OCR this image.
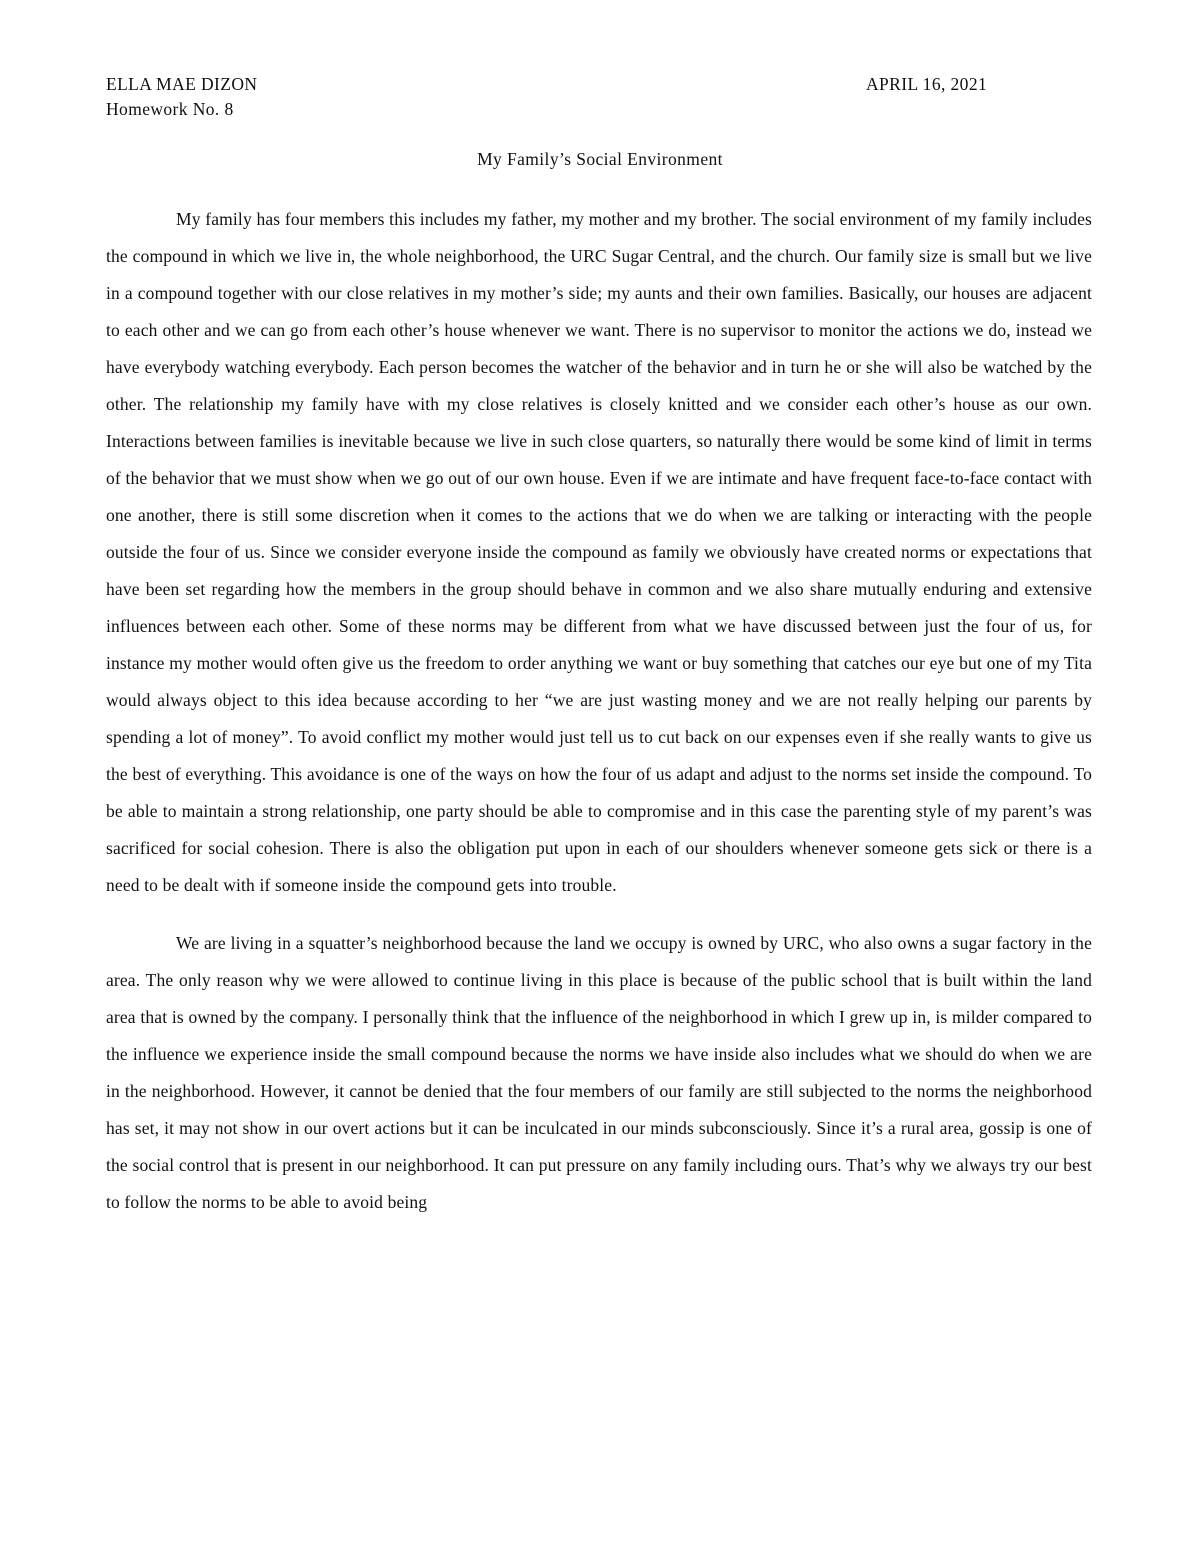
ELLA MAE DIZON
Homework No. 8
APRIL 16, 2021
My Family’s Social Environment

My family has four members this includes my father, my mother and my brother. The social environment of my family includes the compound in which we live in, the whole neighborhood, the URC Sugar Central, and the church. Our family size is small but we live in a compound together with our close relatives in my mother’s side; my aunts and their own families. Basically, our houses are adjacent to each other and we can go from each other’s house whenever we want. There is no supervisor to monitor the actions we do, instead we have everybody watching everybody. Each person becomes the watcher of the behavior and in turn he or she will also be watched by the other. The relationship my family have with my close relatives is closely knitted and we consider each other’s house as our own. Interactions between families is inevitable because we live in such close quarters, so naturally there would be some kind of limit in terms of the behavior that we must show when we go out of our own house. Even if we are intimate and have frequent face-to-face contact with one another, there is still some discretion when it comes to the actions that we do when we are talking or interacting with the people outside the four of us. Since we consider everyone inside the compound as family we obviously have created norms or expectations that have been set regarding how the members in the group should behave in common and we also share mutually enduring and extensive influences between each other. Some of these norms may be different from what we have discussed between just the four of us, for instance my mother would often give us the freedom to order anything we want or buy something that catches our eye but one of my Tita would always object to this idea because according to her “we are just wasting money and we are not really helping our parents by spending a lot of money”. To avoid conflict my mother would just tell us to cut back on our expenses even if she really wants to give us the best of everything. This avoidance is one of the ways on how the four of us adapt and adjust to the norms set inside the compound. To be able to maintain a strong relationship, one party should be able to compromise and in this case the parenting style of my parent’s was sacrificed for social cohesion. There is also the obligation put upon in each of our shoulders whenever someone gets sick or there is a need to be dealt with if someone inside the compound gets into trouble.

We are living in a squatter’s neighborhood because the land we occupy is owned by URC, who also owns a sugar factory in the area. The only reason why we were allowed to continue living in this place is because of the public school that is built within the land area that is owned by the company. I personally think that the influence of the neighborhood in which I grew up in, is milder compared to the influence we experience inside the small compound because the norms we have inside also includes what we should do when we are in the neighborhood. However, it cannot be denied that the four members of our family are still subjected to the norms the neighborhood has set, it may not show in our overt actions but it can be inculcated in our minds subconsciously. Since it’s a rural area, gossip is one of the social control that is present in our neighborhood. It can put pressure on any family including ours. That’s why we always try our best to follow the norms to be able to avoid being
